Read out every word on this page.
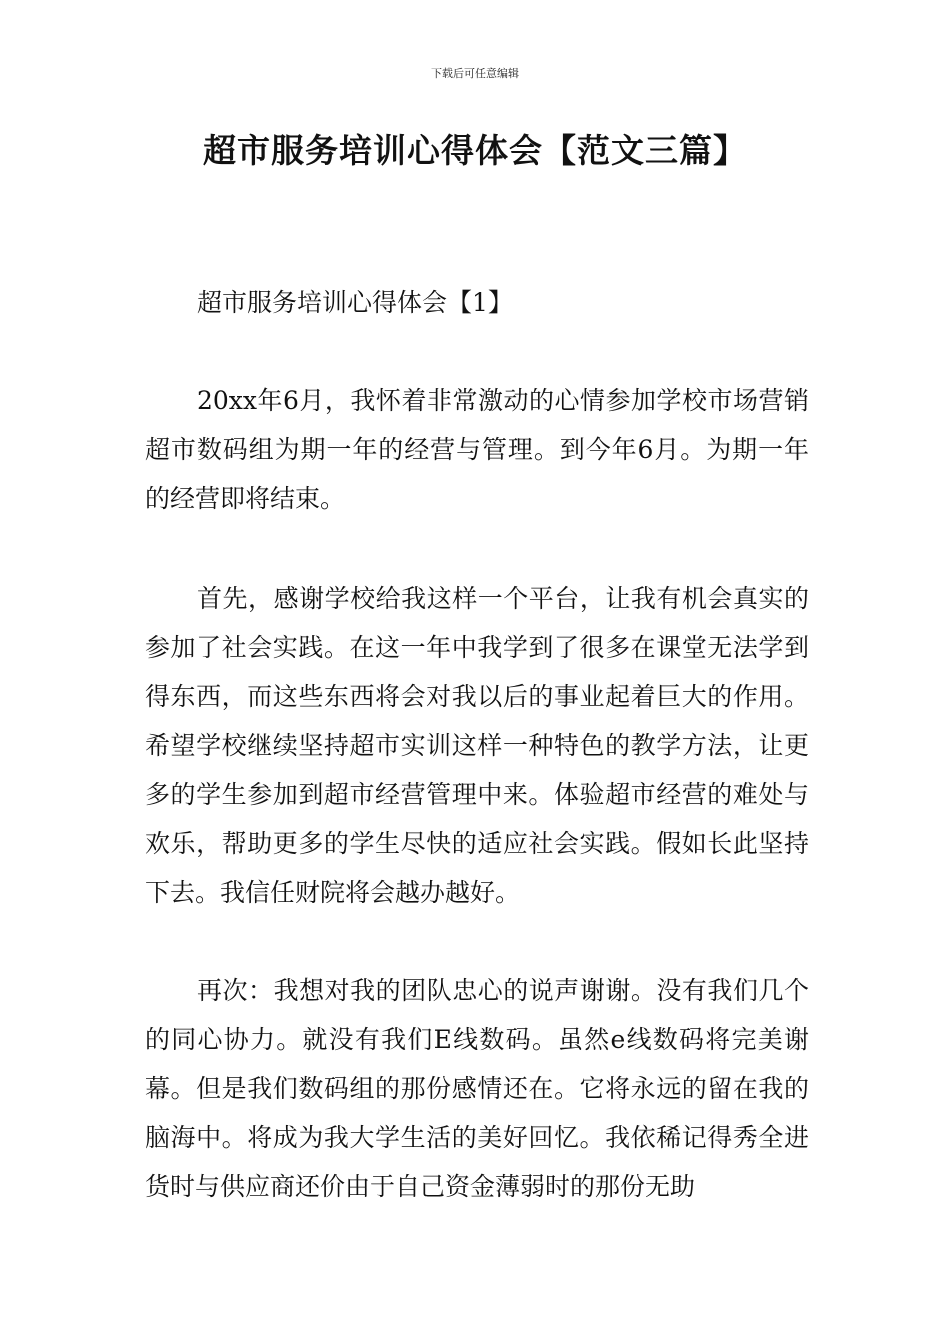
下载后可任意编辑
超市服务培训心得体会【范文三篇】

超市服务培训心得体会【1】

20xx年6月，我怀着非常激动的心情参加学校市场营销超市数码组为期一年的经营与管理。到今年6月。为期一年的经营即将结束。

首先，感谢学校给我这样一个平台，让我有机会真实的参加了社会实践。在这一年中我学到了很多在课堂无法学到得东西，而这些东西将会对我以后的事业起着巨大的作用。希望学校继续坚持超市实训这样一种特色的教学方法，让更多的学生参加到超市经营管理中来。体验超市经营的难处与欢乐，帮助更多的学生尽快的适应社会实践。假如长此坚持下去。我信任财院将会越办越好。

再次：我想对我的团队忠心的说声谢谢。没有我们几个的同心协力。就没有我们E线数码。虽然e线数码将完美谢幕。但是我们数码组的那份感情还在。它将永远的留在我的脑海中。将成为我大学生活的美好回忆。我依稀记得秀全进货时与供应商还价由于自己资金薄弱时的那份无助
